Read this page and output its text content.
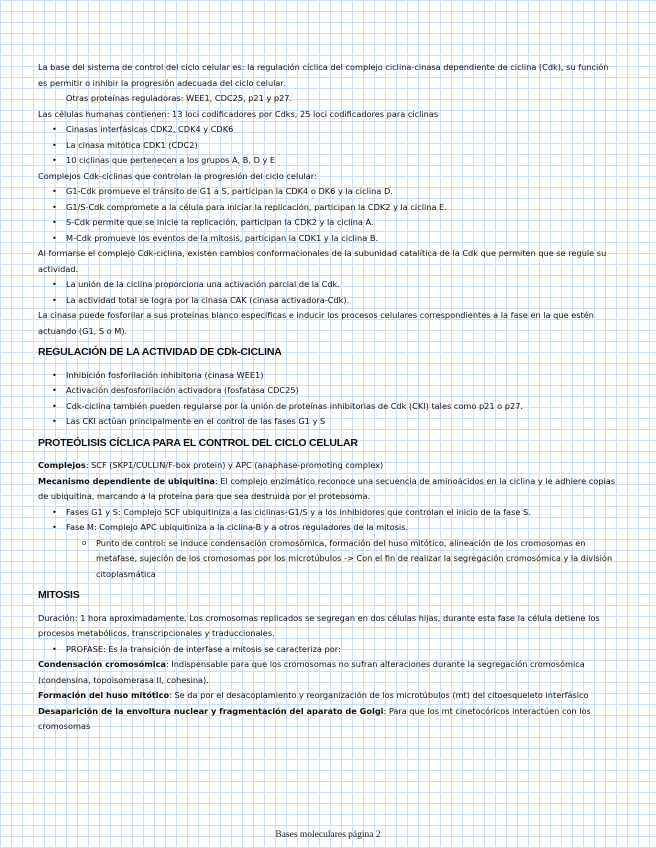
La base del sistema de control del ciclo celular es: la regulación cíclica del complejo ciclina-cinasa dependiente de ciclina (Cdk), su función es permitir o inhibir la progresión adecuada del ciclo celular.

Otras proteínas reguladoras: WEE1, CDC25, p21 y p27.

Las células humanas contienen: 13 loci codificadores por Cdks, 25 loci codificadores para ciclinas

• Cinasas interfásicas CDK2, CDK4 y CDK6
• La cinasa mitótica CDK1 (CDC2)
• 10 ciclinas que pertenecen a los grupos A, B, D y E

Complejos Cdk-ciclinas que controlan la progresión del ciclo celular:

• G1-Cdk promueve el tránsito de G1 a S, participan la CDK4 o DK6 y la ciclina D.
• G1/S-Cdk compromete a la célula para iniciar la replicación, participan la CDK2 y la ciclina E.
• S-Cdk permite que se inicie la replicación, participan la CDK2 y la ciclina A.
• M-Cdk promueve los eventos de la mitosis, participan la CDK1 y la ciclina B.

Al formarse el complejo Cdk-ciclina, existen cambios conformacionales de la subunidad catalítica de la Cdk que permiten que se regule su actividad.

• La unión de la ciclina proporciona una activación parcial de la Cdk.
• La actividad total se logra por la cinasa CAK (cinasa activadora-Cdk).

La cinasa puede fosforilar a sus proteínas blanco específicas e inducir los procesos celulares correspondientes a la fase en la que estén actuando (G1, S o M).

REGULACIÓN DE LA ACTIVIDAD DE CDk-CICLINA
• Inhibición fosforilación inhibitoria (cinasa WEE1)
• Activación desfosforilación activadora (fosfatasa CDC25)
• Cdk-ciclina también pueden regularse por la unión de proteínas inhibitorias de Cdk (CKI) tales como p21 o p27.
• Las CKI actúan principalmente en el control de las fases G1 y S
PROTEÓLISIS CÍCLICA PARA EL CONTROL DEL CICLO CELULAR

Complejos: SCF (SKP1/CULLIN/F-box protein) y APC (anaphase-promoting complex)

Mecanismo dependiente de ubiquitina: El complejo enzimático reconoce una secuencia de aminoácidos en la ciclina y le adhiere copias de ubiquitina, marcando a la proteína para que sea destruida por el proteosoma.

• Fases G1 y S: Complejo SCF ubiquitiniza a las ciclinas-G1/S y a los inhibidores que controlan el inicio de la fase S.
• Fase M: Complejo APC ubiquitiniza a la ciclina-B y a otros reguladores de la mitosis.
o Punto de control: se induce condensación cromosómica, formación del huso mitótico, alineación de los cromosomas en metafase, sujeción de los cromosomas por los microtúbulos -> Con el fin de realizar la segregación cromosómica y la división citoplasmática
MITOSIS

Duración: 1 hora aproximadamente. Los cromosomas replicados se segregan en dos células hijas, durante esta fase la célula detiene los procesos metabólicos, transcripcionales y traduccionales.

• PROFASE: Es la transición de interfase a mitosis se caracteriza por:

Condensación cromosómica: Indispensable para que los cromosomas no sufran alteraciones durante la segregación cromosómica (condensina, topoisomerasa II, cohesina).

Formación del huso mitótico: Se da por el desacoplamiento y reorganización de los microtúbulos (mt) del citoesqueleto interfásico

Desaparición de la envoltura nuclear y fragmentación del aparato de Golgi: Para que los mt cinetocóricos interactúen con los cromosomas

Bases moleculares página 2
